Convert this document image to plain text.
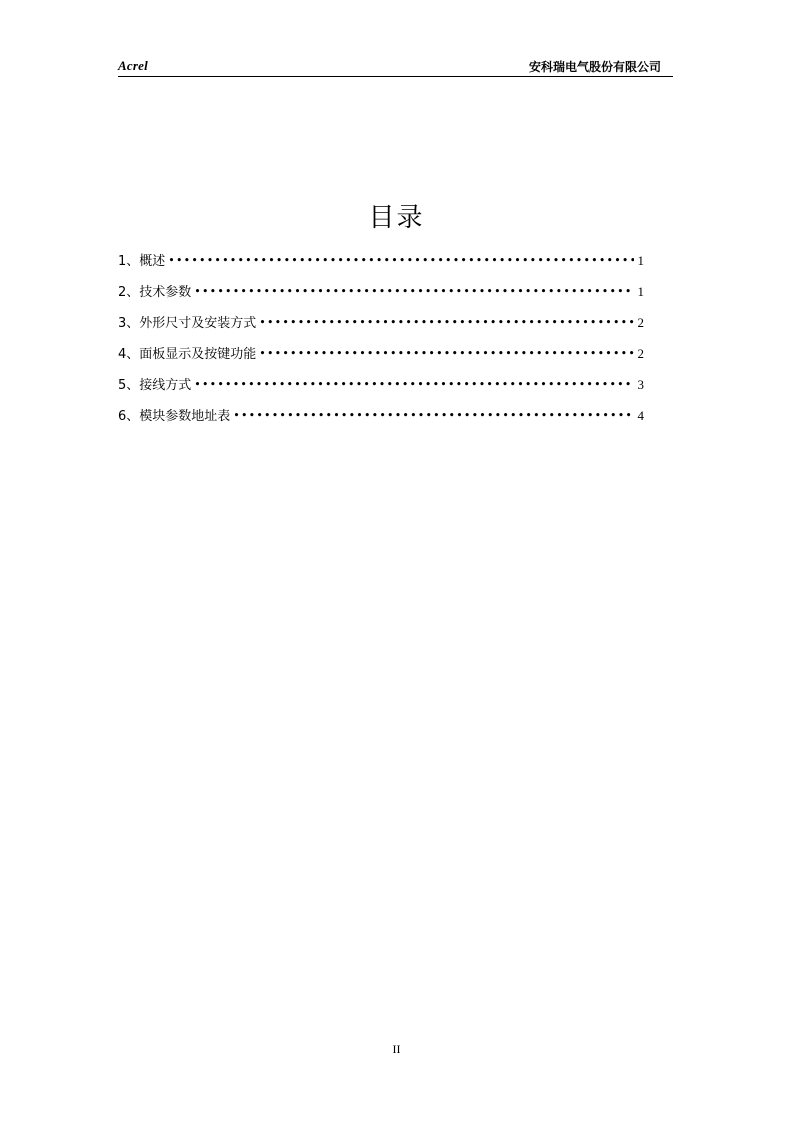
Acrel	安科瑞电气股份有限公司
目录
1、概述 •••••	1
2、技术参数 •••••	1
3、外形尺寸及安装方式 •••••	2
4、面板显示及按键功能 •••••	2
5、接线方式 •••••	3
6、模块参数地址表 •••••	4
II
